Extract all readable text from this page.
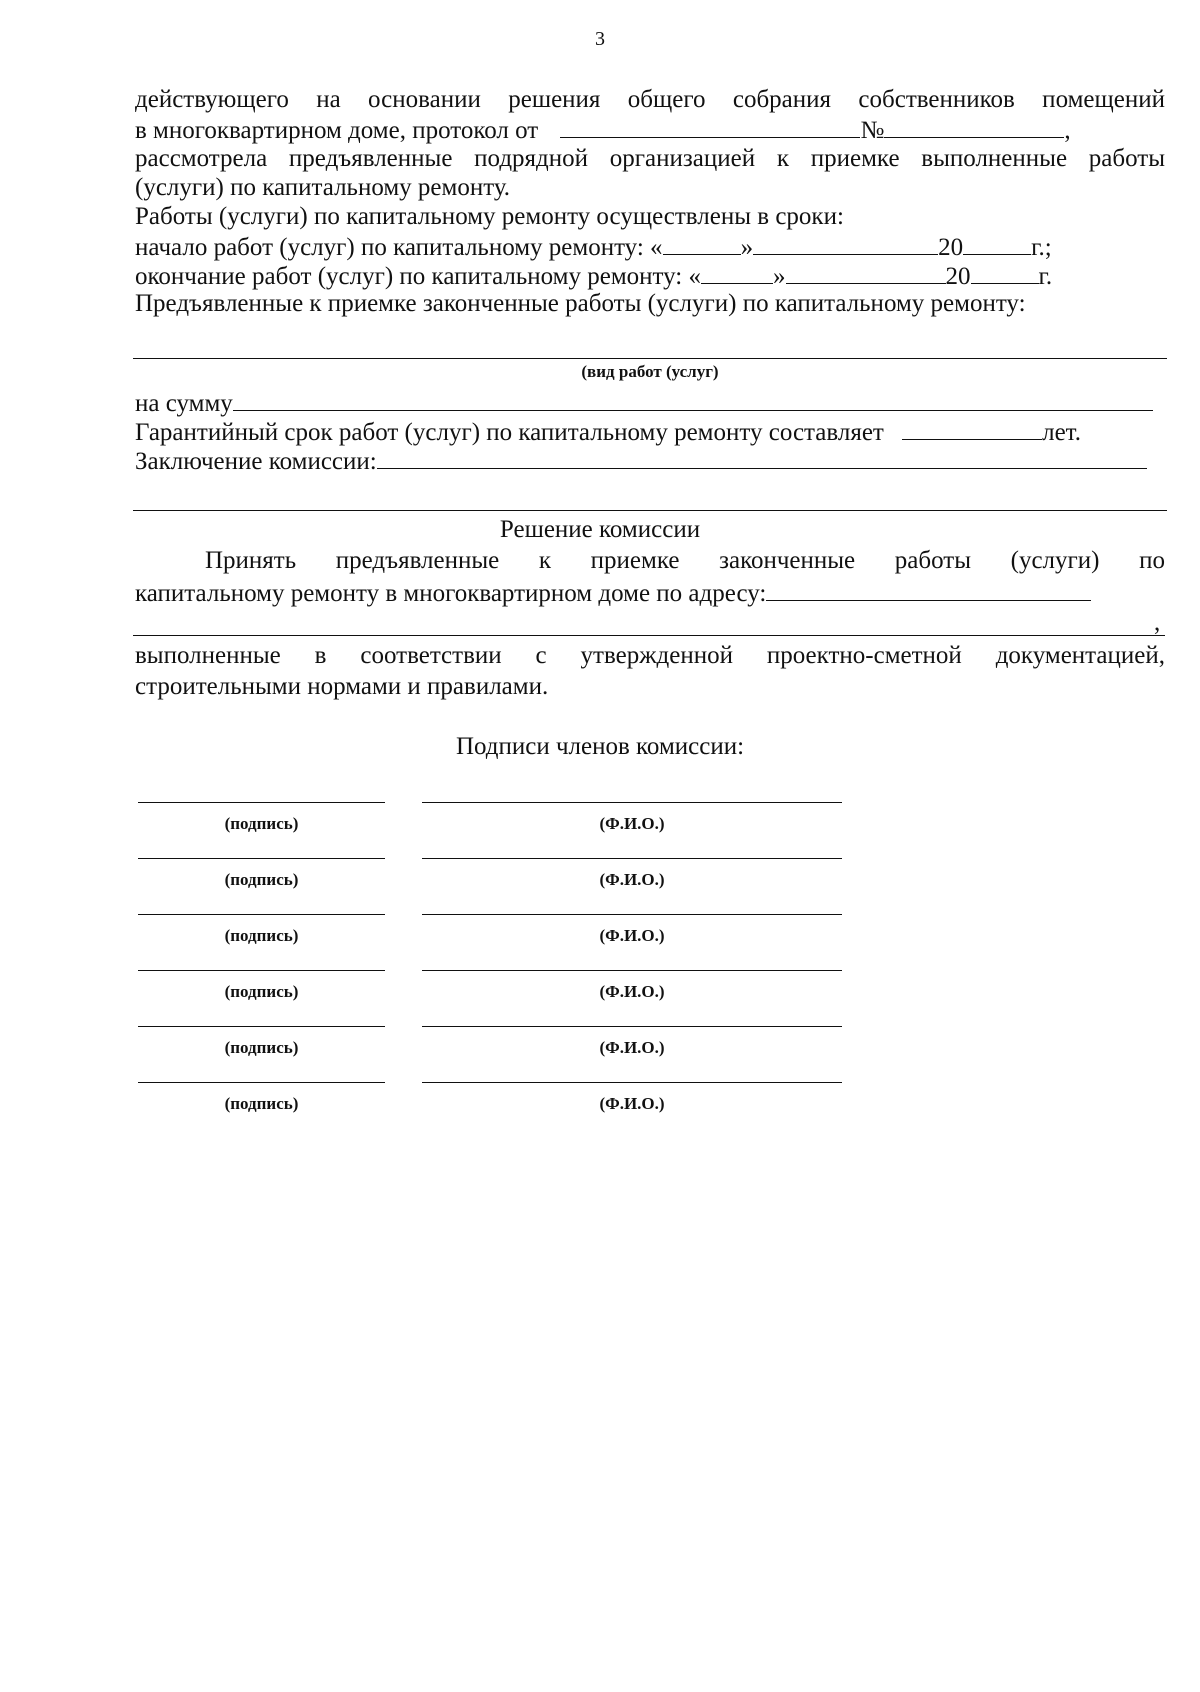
3
действующего на основании решения общего собрания собственников помещений
в многоквартирном доме, протокол от	№	,
рассмотрела предъявленные подрядной организацией к приемке выполненные работы
(услуги) по капитальному ремонту.
Работы (услуги) по капитальному ремонту осуществлены в сроки:
начало работ (услуг) по капитальному ремонту: «	»	20	г.;
окончание работ (услуг) по капитальному ремонту: «	»	20	г.
Предъявленные к приемке законченные работы (услуги) по капитальному ремонту:
(вид работ (услуг)
на сумму
Гарантийный срок работ (услуг) по капитальному ремонту составляет	лет.
Заключение комиссии:
Решение комиссии
Принять предъявленные к приемке законченные работы (услуги) по
капитальному ремонту в многоквартирном доме по адресу:
,
выполненные в соответствии с утвержденной проектно-сметной документацией,
строительными нормами и правилами.
Подписи членов комиссии:
(подпись)	(Ф.И.О.)
(подпись)	(Ф.И.О.)
(подпись)	(Ф.И.О.)
(подпись)	(Ф.И.О.)
(подпись)	(Ф.И.О.)
(подпись)	(Ф.И.О.)
